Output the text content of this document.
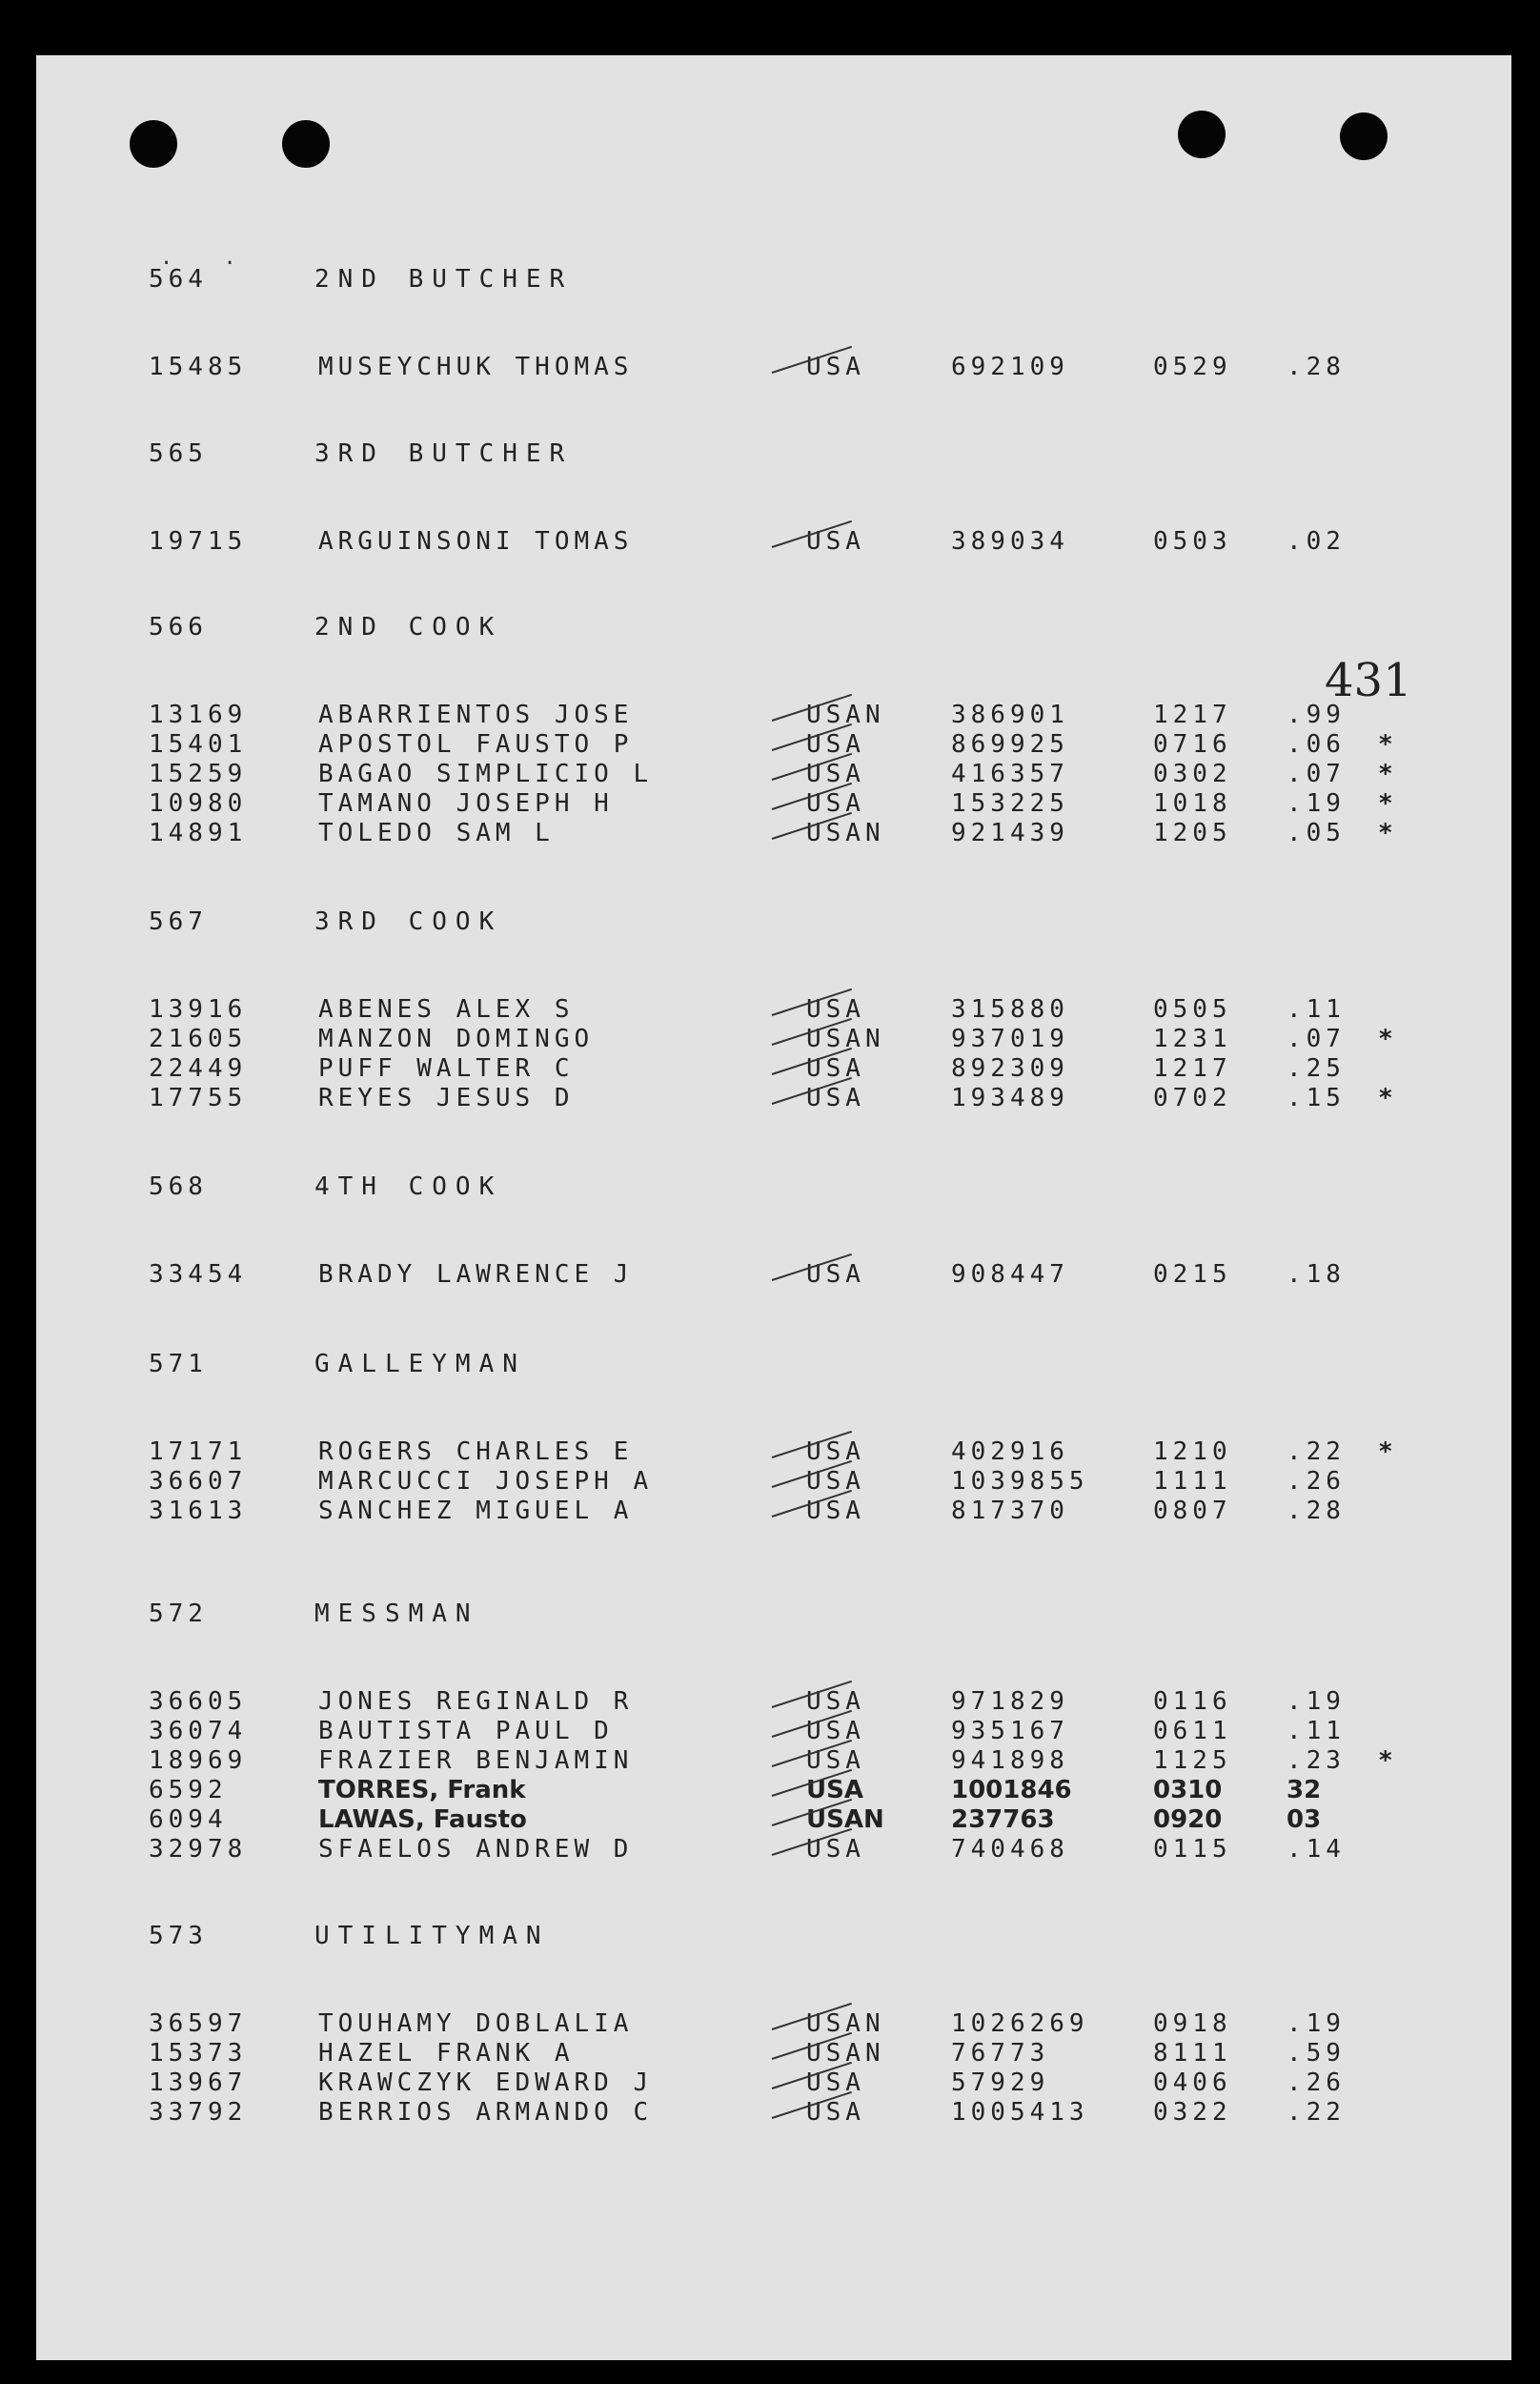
. .
431
564	2ND BUTCHER
15485	MUSEYCHUK THOMAS	USA	692109	0529 .28
565	3RD BUTCHER
19715	ARGUINSONI TOMAS	USA	389034	0503 .02
566	2ND COOK
13169	ABARRIENTOS JOSE	USAN	386901	1217 .99
15401	APOSTOL FAUSTO P	USA	869925	0716 .06 *
15259	BAGAO SIMPLICIO L	USA	416357	0302 .07 *
10980	TAMANO JOSEPH H	USA	153225	1018 .19 *
14891	TOLEDO SAM L	USAN	921439	1205 .05 *
567	3RD COOK
13916	ABENES ALEX S	USA	315880	0505 .11
21605	MANZON DOMINGO	USAN	937019	1231 .07 *
22449	PUFF WALTER C	USA	892309	1217 .25
17755	REYES JESUS D	USA	193489	0702 .15 *
568	4TH COOK
33454	BRADY LAWRENCE J	USA	908447	0215 .18
571	GALLEYMAN
17171	ROGERS CHARLES E	USA	402916	1210 .22 *
36607	MARCUCCI JOSEPH A	USA	1039855	1111 .26
31613	SANCHEZ MIGUEL A	USA	817370	0807 .28
572	MESSMAN
36605	JONES REGINALD R	USA	971829	0116 .19
36074	BAUTISTA PAUL D	USA	935167	0611 .11
18969	FRAZIER BENJAMIN	USA	941898	1125 .23 *
6592	TORRES, Frank	USA	1001846	0310	32
6094	LAWAS, Fausto	USAN	237763	0920	03
32978	SFAELOS ANDREW D	USA	740468	0115 .14
573	UTILITYMAN
36597	TOUHAMY DOBLALIA	USAN	1026269	0918 .19
15373	HAZEL FRANK A	USAN	76773	8111 .59
13967	KRAWCZYK EDWARD J	USA	57929	0406 .26
33792	BERRIOS ARMANDO C	USA	1005413	0322 .22
